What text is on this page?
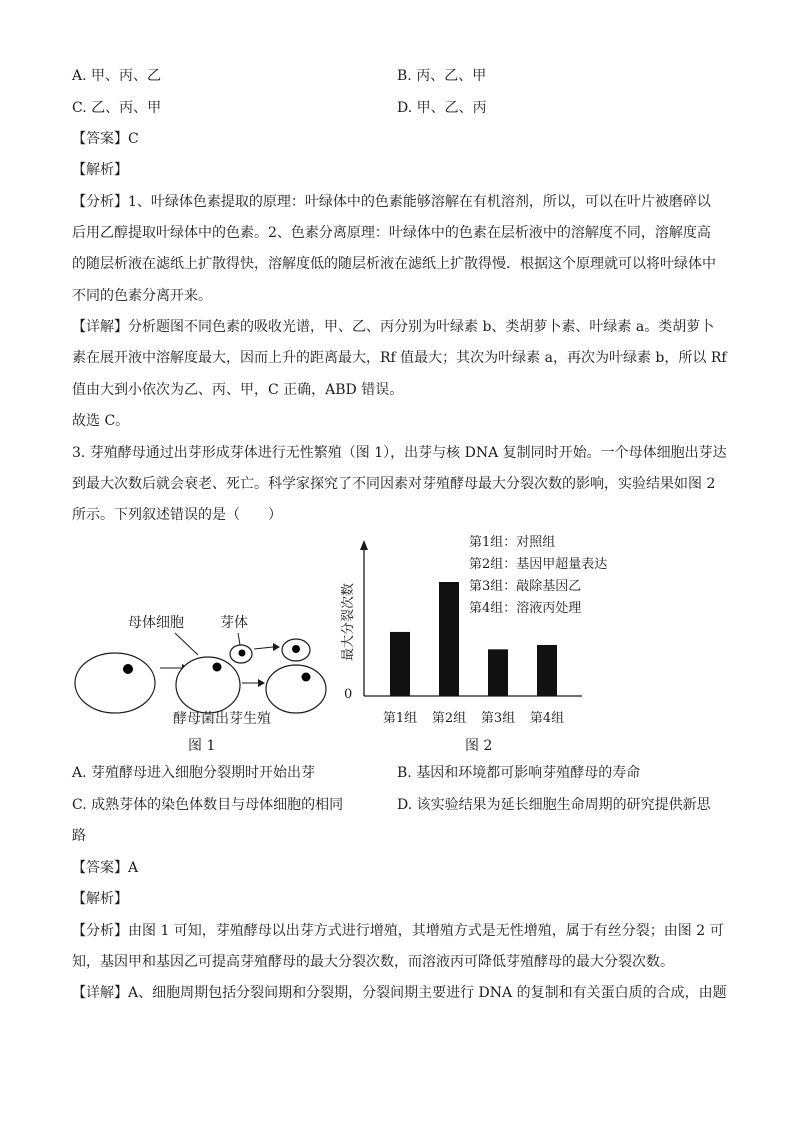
A. 甲、丙、乙	B. 丙、乙、甲
C. 乙、丙、甲	D. 甲、乙、丙
【答案】C
【解析】
【分析】1、叶绿体色素提取的原理：叶绿体中的色素能够溶解在有机溶剂，所以，可以在叶片被磨碎以
后用乙醇提取叶绿体中的色素。2、色素分离原理：叶绿体中的色素在层析液中的溶解度不同，溶解度高
的随层析液在滤纸上扩散得快，溶解度低的随层析液在滤纸上扩散得慢．根据这个原理就可以将叶绿体中
不同的色素分离开来。
【详解】分析题图不同色素的吸收光谱，甲、乙、丙分别为叶绿素 b、类胡萝卜素、叶绿素 a。类胡萝卜
素在展开液中溶解度最大，因而上升的距离最大，Rf 值最大；其次为叶绿素 a，再次为叶绿素 b，所以 Rf
值由大到小依次为乙、丙、甲，C 正确，ABD 错误。
故选 C。
3. 芽殖酵母通过出芽形成芽体进行无性繁殖（图 1），出芽与核 DNA 复制同时开始。一个母体细胞出芽达
到最大次数后就会衰老、死亡。科学家探究了不同因素对芽殖酵母最大分裂次数的影响，实验结果如图 2
所示。下列叙述错误的是（　　）
母体细胞	芽体
酵母菌出芽生殖
图 1
0
最大分裂次数
第1组：对照组
第2组：基因甲超量表达
第3组：敲除基因乙
第4组：溶液丙处理
第1组 第2组 第3组 第4组
图 2
A. 芽殖酵母进入细胞分裂期时开始出芽	B. 基因和环境都可影响芽殖酵母的寿命
C. 成熟芽体的染色体数目与母体细胞的相同	D. 该实验结果为延长细胞生命周期的研究提供新思
路
【答案】A
【解析】
【分析】由图 1 可知，芽殖酵母以出芽方式进行增殖，其增殖方式是无性增殖，属于有丝分裂；由图 2 可
知，基因甲和基因乙可提高芽殖酵母的最大分裂次数，而溶液丙可降低芽殖酵母的最大分裂次数。
【详解】A、细胞周期包括分裂间期和分裂期，分裂间期主要进行 DNA 的复制和有关蛋白质的合成，由题
